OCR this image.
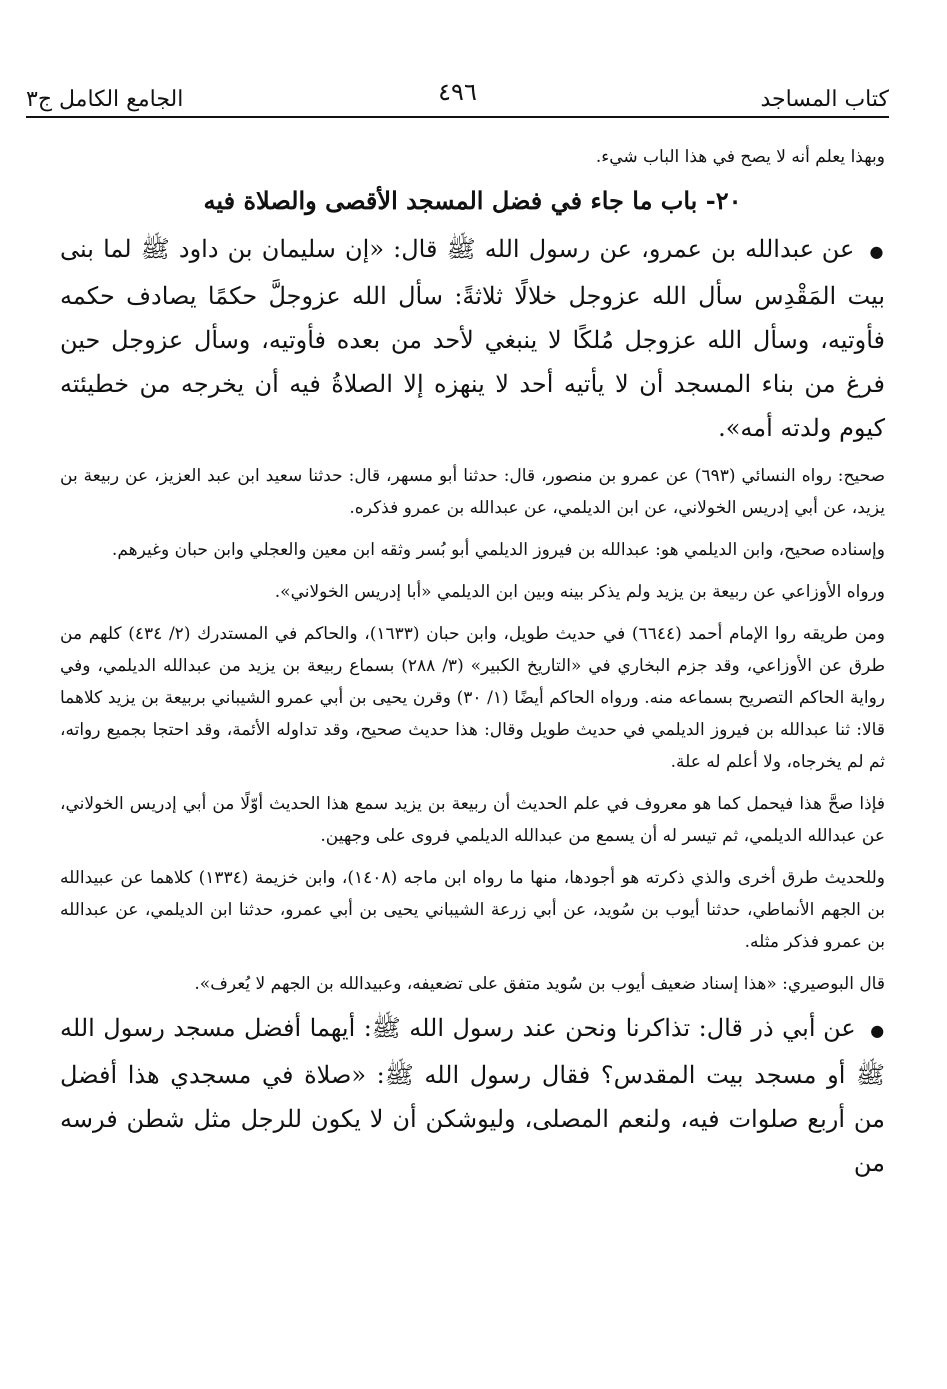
كتاب المساجد
٤٩٦
الجامع الكامل ج٣

وبهذا يعلم أنه لا يصح في هذا الباب شيء.

٢٠- باب ما جاء في فضل المسجد الأقصى والصلاة فيه

● عن عبدالله بن عمرو، عن رسول الله ﷺ قال: «إن سليمان بن داود ﷺ لما بنى بيت المَقْدِس سأل الله عزوجل خلالًا ثلاثةً: سأل الله عزوجلَّ حكمًا يصادف حكمه فأوتيه، وسأل الله عزوجل مُلكًا لا ينبغي لأحد من بعده فأوتيه، وسأل عزوجل حين فرغ من بناء المسجد أن لا يأتيه أحد لا ينهزه إلا الصلاةُ فيه أن يخرجه من خطيئته كيوم ولدته أمه».

صحيح: رواه النسائي (٦٩٣) عن عمرو بن منصور، قال: حدثنا أبو مسهر، قال: حدثنا سعيد ابن عبد العزيز، عن ربيعة بن يزيد، عن أبي إدريس الخولاني، عن ابن الديلمي، عن عبدالله بن عمرو فذكره.

وإسناده صحيح، وابن الديلمي هو: عبدالله بن فيروز الديلمي أبو بُسر وثقه ابن معين والعجلي وابن حبان وغيرهم.

ورواه الأوزاعي عن ربيعة بن يزيد ولم يذكر بينه وبين ابن الديلمي «أبا إدريس الخولاني».

ومن طريقه روا الإمام أحمد (٦٦٤٤) في حديث طويل، وابن حبان (١٦٣٣)، والحاكم في المستدرك (٢/ ٤٣٤) كلهم من طرق عن الأوزاعي، وقد جزم البخاري في «التاريخ الكبير» (٣/ ٢٨٨) بسماع ربيعة بن يزيد من عبدالله الديلمي، وفي رواية الحاكم التصريح بسماعه منه. ورواه الحاكم أيضًا (١/ ٣٠) وقرن يحيى بن أبي عمرو الشيباني بربيعة بن يزيد كلاهما قالا: ثنا عبدالله بن فيروز الديلمي في حديث طويل وقال: هذا حديث صحيح، وقد تداوله الأئمة، وقد احتجا بجميع رواته، ثم لم يخرجاه، ولا أعلم له علة.

فإذا صحَّ هذا فيحمل كما هو معروف في علم الحديث أن ربيعة بن يزيد سمع هذا الحديث أوّلًا من أبي إدريس الخولاني، عن عبدالله الديلمي، ثم تيسر له أن يسمع من عبدالله الديلمي فروى على وجهين.

وللحديث طرق أخرى والذي ذكرته هو أجودها، منها ما رواه ابن ماجه (١٤٠٨)، وابن خزيمة (١٣٣٤) كلاهما عن عبيدالله بن الجهم الأنماطي، حدثنا أيوب بن سُويد، عن أبي زرعة الشيباني يحيى بن أبي عمرو، حدثنا ابن الديلمي، عن عبدالله بن عمرو فذكر مثله.

قال البوصيري: «هذا إسناد ضعيف أيوب بن سُويد متفق على تضعيفه، وعبيدالله بن الجهم لا يُعرف».

● عن أبي ذر قال: تذاكرنا ونحن عند رسول الله ﷺ: أيهما أفضل مسجد رسول الله ﷺ أو مسجد بيت المقدس؟ فقال رسول الله ﷺ: «صلاة في مسجدي هذا أفضل من أربع صلوات فيه، ولنعم المصلى، وليوشكن أن لا يكون للرجل مثل شطن فرسه من
